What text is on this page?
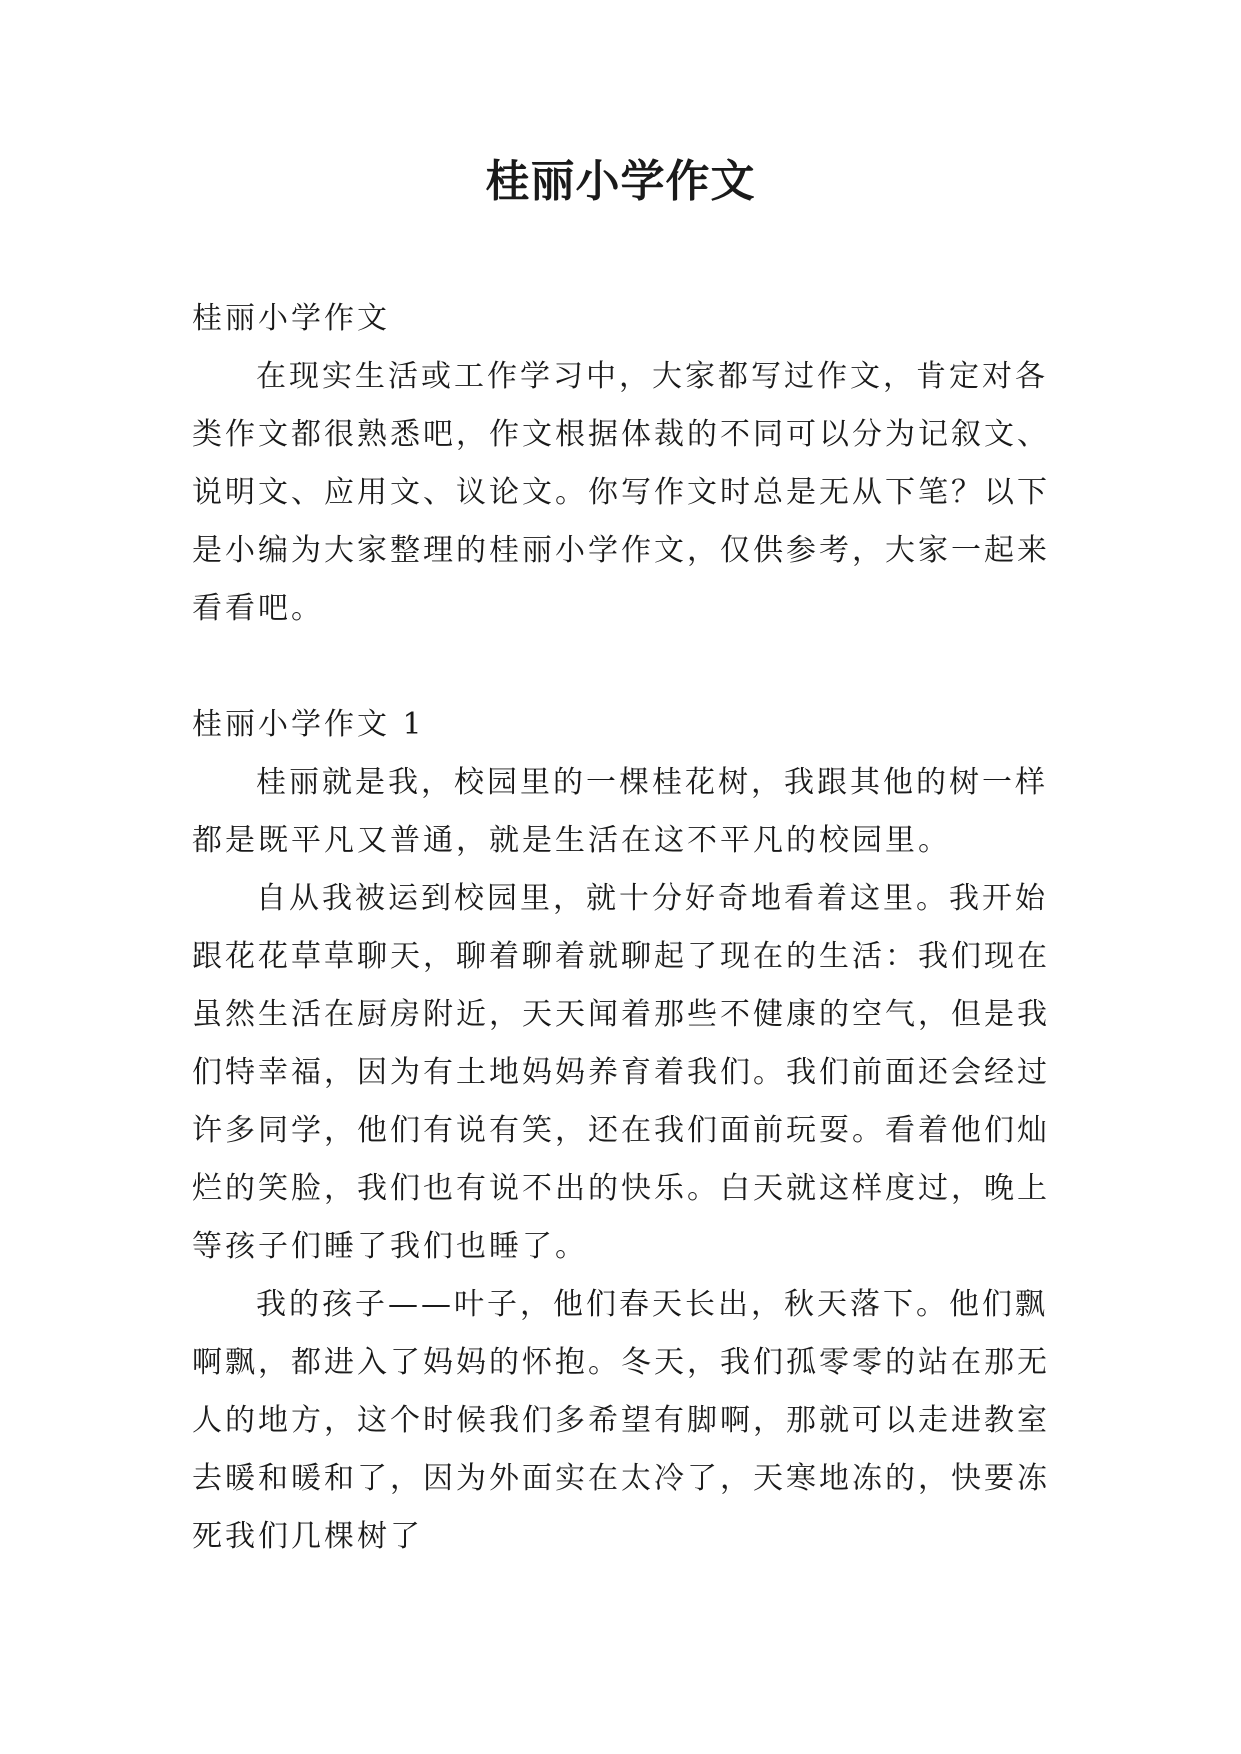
桂丽小学作文
桂丽小学作文
在现实生活或工作学习中，大家都写过作文，肯定对各
类作文都很熟悉吧，作文根据体裁的不同可以分为记叙文、
说明文、应用文、议论文。你写作文时总是无从下笔？以下
是小编为大家整理的桂丽小学作文，仅供参考，大家一起来
看看吧。
桂丽小学作文 1
桂丽就是我，校园里的一棵桂花树，我跟其他的树一样
都是既平凡又普通，就是生活在这不平凡的校园里。
自从我被运到校园里，就十分好奇地看着这里。我开始
跟花花草草聊天，聊着聊着就聊起了现在的生活：我们现在
虽然生活在厨房附近，天天闻着那些不健康的空气，但是我
们特幸福，因为有土地妈妈养育着我们。我们前面还会经过
许多同学，他们有说有笑，还在我们面前玩耍。看着他们灿
烂的笑脸，我们也有说不出的快乐。白天就这样度过，晚上
等孩子们睡了我们也睡了。
我的孩子——叶子，他们春天长出，秋天落下。他们飘
啊飘，都进入了妈妈的怀抱。冬天，我们孤零零的站在那无
人的地方，这个时候我们多希望有脚啊，那就可以走进教室
去暖和暖和了，因为外面实在太冷了，天寒地冻的，快要冻
死我们几棵树了
